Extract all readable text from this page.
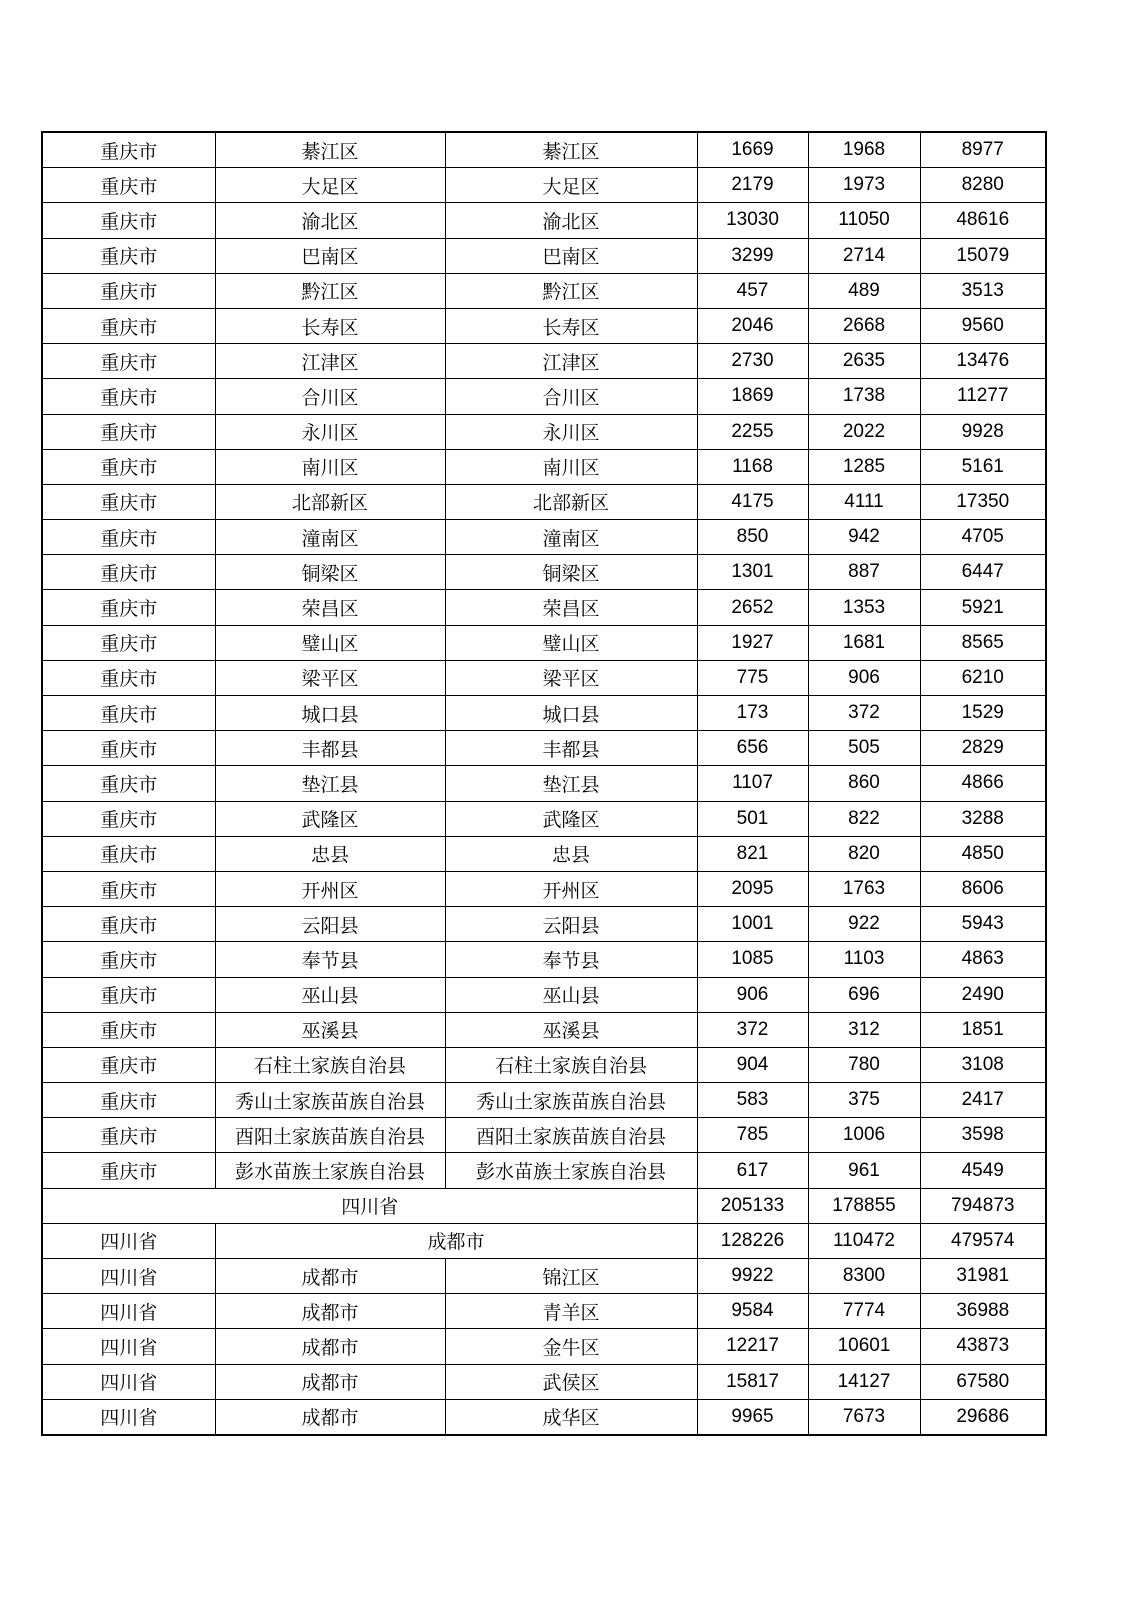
重庆市	綦江区	綦江区	1669	1968	8977
重庆市	大足区	大足区	2179	1973	8280
重庆市	渝北区	渝北区	13030	11050	48616
重庆市	巴南区	巴南区	3299	2714	15079
重庆市	黔江区	黔江区	457	489	3513
重庆市	长寿区	长寿区	2046	2668	9560
重庆市	江津区	江津区	2730	2635	13476
重庆市	合川区	合川区	1869	1738	11277
重庆市	永川区	永川区	2255	2022	9928
重庆市	南川区	南川区	1168	1285	5161
重庆市	北部新区	北部新区	4175	4111	17350
重庆市	潼南区	潼南区	850	942	4705
重庆市	铜梁区	铜梁区	1301	887	6447
重庆市	荣昌区	荣昌区	2652	1353	5921
重庆市	璧山区	璧山区	1927	1681	8565
重庆市	梁平区	梁平区	775	906	6210
重庆市	城口县	城口县	173	372	1529
重庆市	丰都县	丰都县	656	505	2829
重庆市	垫江县	垫江县	1107	860	4866
重庆市	武隆区	武隆区	501	822	3288
重庆市	忠县	忠县	821	820	4850
重庆市	开州区	开州区	2095	1763	8606
重庆市	云阳县	云阳县	1001	922	5943
重庆市	奉节县	奉节县	1085	1103	4863
重庆市	巫山县	巫山县	906	696	2490
重庆市	巫溪县	巫溪县	372	312	1851
重庆市	石柱土家族自治县	石柱土家族自治县	904	780	3108
重庆市	秀山土家族苗族自治县	秀山土家族苗族自治县	583	375	2417
重庆市	酉阳土家族苗族自治县	酉阳土家族苗族自治县	785	1006	3598
重庆市	彭水苗族土家族自治县	彭水苗族土家族自治县	617	961	4549
四川省			205133	178855	794873
四川省	成都市		128226	110472	479574
四川省	成都市	锦江区	9922	8300	31981
四川省	成都市	青羊区	9584	7774	36988
四川省	成都市	金牛区	12217	10601	43873
四川省	成都市	武侯区	15817	14127	67580
四川省	成都市	成华区	9965	7673	29686
